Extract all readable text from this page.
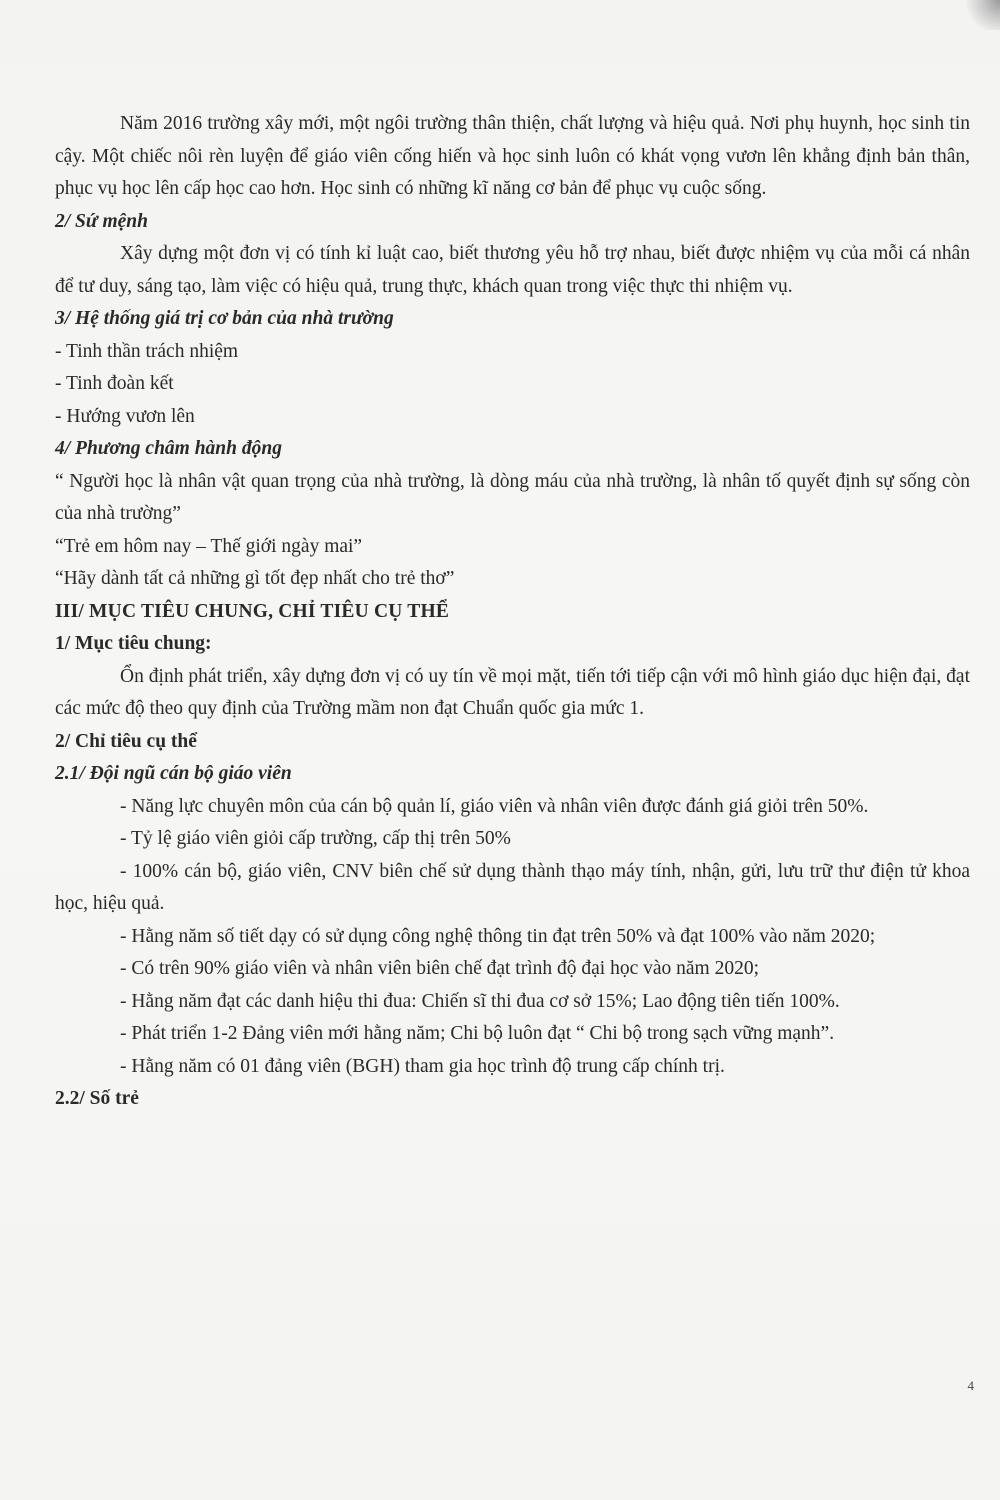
Năm 2016 trường xây mới, một ngôi trường thân thiện, chất lượng và hiệu quả. Nơi phụ huynh, học sinh tin cậy. Một chiếc nôi rèn luyện để giáo viên cống hiến và học sinh luôn có khát vọng vươn lên khẳng định bản thân, phục vụ học lên cấp học cao hơn. Học sinh có những kĩ năng cơ bản để phục vụ cuộc sống.

2/ Sứ mệnh

Xây dựng một đơn vị có tính kỉ luật cao, biết thương yêu hỗ trợ nhau, biết được nhiệm vụ của mỗi cá nhân để tư duy, sáng tạo, làm việc có hiệu quả, trung thực, khách quan trong việc thực thi nhiệm vụ.

3/ Hệ thống giá trị cơ bản của nhà trường

- Tinh thần trách nhiệm

- Tinh đoàn kết

- Hướng vươn lên

4/ Phương châm hành động

“ Người học là nhân vật quan trọng của nhà trường, là dòng máu của nhà trường, là nhân tố quyết định sự sống còn của nhà trường”

“Trẻ em hôm nay – Thế giới ngày mai”

“Hãy dành tất cả những gì tốt đẹp nhất cho trẻ thơ”

III/ MỤC TIÊU CHUNG, CHỈ TIÊU CỤ THỂ

1/ Mục tiêu chung:

Ổn định phát triển, xây dựng đơn vị có uy tín về mọi mặt, tiến tới tiếp cận với mô hình giáo dục hiện đại, đạt các mức độ theo quy định của Trường mầm non đạt Chuẩn quốc gia mức 1.

2/ Chỉ tiêu cụ thể

2.1/ Đội ngũ cán bộ giáo viên

- Năng lực chuyên môn của cán bộ quản lí, giáo viên và nhân viên được đánh giá giỏi trên 50%.

- Tỷ lệ giáo viên giỏi cấp trường, cấp thị trên 50%

- 100% cán bộ, giáo viên, CNV biên chế sử dụng thành thạo máy tính, nhận, gửi, lưu trữ thư điện tử khoa học, hiệu quả.

- Hằng năm số tiết dạy có sử dụng công nghệ thông tin đạt trên 50% và đạt 100% vào năm 2020;

- Có trên 90% giáo viên và nhân viên biên chế đạt trình độ đại học vào năm 2020;

- Hằng năm đạt các danh hiệu thi đua: Chiến sĩ thi đua cơ sở 15%; Lao động tiên tiến 100%.

- Phát triển 1-2 Đảng viên mới hằng năm; Chi bộ luôn đạt “ Chi bộ trong sạch vững mạnh”.

- Hằng năm có 01 đảng viên (BGH) tham gia học trình độ trung cấp chính trị.

2.2/ Số trẻ

4
